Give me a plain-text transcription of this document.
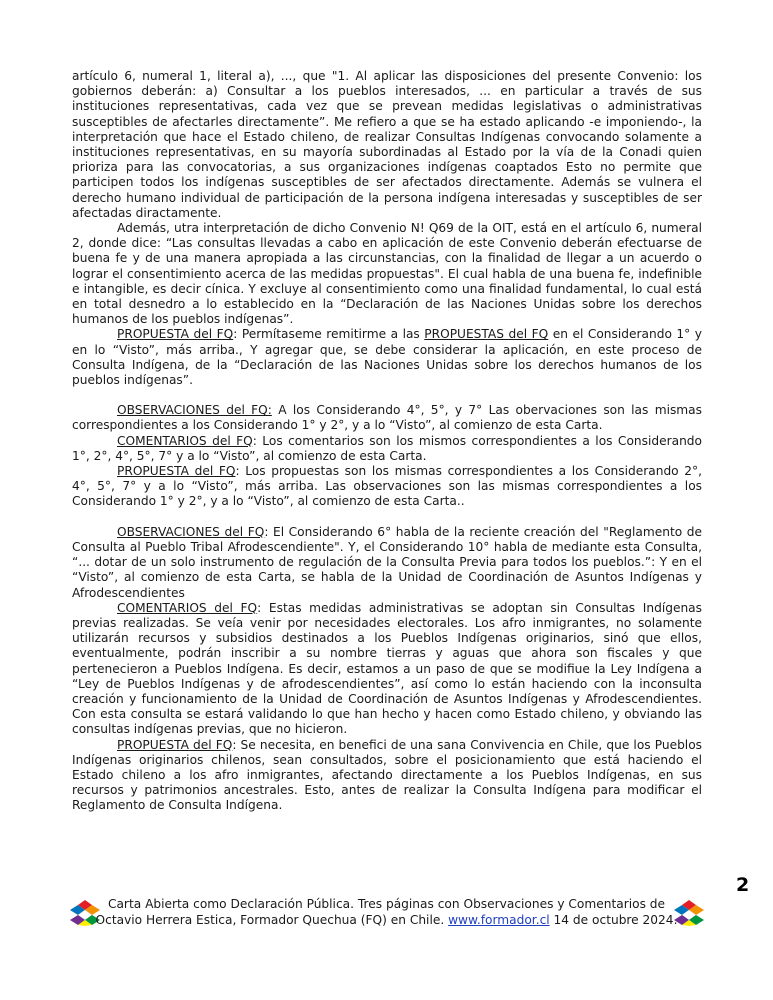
artículo 6, numeral 1, literal a), ..., que "1. Al aplicar las disposiciones del presente Convenio: los gobiernos deberán: a) Consultar a los pueblos interesados, ... en particular a través de sus instituciones representativas, cada vez que se prevean medidas legislativas o administrativas susceptibles de afectarles directamente”. Me refiero a que se ha estado aplicando -e imponiendo-, la interpretación que hace el Estado chileno, de realizar Consultas Indígenas convocando solamente a instituciones representativas, en su mayoría subordinadas al Estado por la vía de la Conadi quien prioriza para las convocatorias, a sus organizaciones indígenas coaptados Esto no permite que participen todos los indígenas susceptibles de ser afectados directamente. Además se vulnera el derecho humano individual de participación de la persona indígena interesadas y susceptibles de ser afectadas diractamente.

Además, utra interpretación de dicho Convenio N! Q69 de la OIT, está en el artículo 6, numeral 2, donde dice: “Las consultas llevadas a cabo en aplicación de este Convenio deberán efectuarse de buena fe y de una manera apropiada a las circunstancias, con la finalidad de llegar a un acuerdo o lograr el consentimiento acerca de las medidas propuestas". El cual habla de una buena fe, indefinible e intangible, es decir cínica. Y excluye al consentimiento como una finalidad fundamental, lo cual está en total desnedro a lo establecido en la “Declaración de las Naciones Unidas sobre los derechos humanos de los pueblos indígenas”.

PROPUESTA del FQ: Permítaseme remitirme a las PROPUESTAS del FQ en el Considerando 1° y en lo “Visto”, más arriba., Y agregar que, se debe considerar la aplicación, en este proceso de Consulta Indígena, de la “Declaración de las Naciones Unidas sobre los derechos humanos de los pueblos indígenas”.

OBSERVACIONES del FQ: A los Considerando 4°, 5°, y 7° Las obervaciones son las mismas correspondientes a los Considerando 1° y 2°, y a lo “Visto”, al comienzo de esta Carta.

COMENTARIOS del FQ: Los comentarios son los mismos correspondientes a los Considerando 1°, 2°, 4°, 5°, 7° y a lo “Visto”, al comienzo de esta Carta.

PROPUESTA del FQ: Los propuestas son los mismas correspondientes a los Considerando 2°, 4°, 5°, 7° y a lo “Visto”, más arriba. Las observaciones son las mismas correspondientes a los Considerando 1° y 2°, y a lo “Visto”, al comienzo de esta Carta..

OBSERVACIONES del FQ: El Considerando 6° habla de la reciente creación del "Reglamento de Consulta al Pueblo Tribal Afrodescendiente". Y, el Considerando 10° habla de mediante esta Consulta, “... dotar de un solo instrumento de regulación de la Consulta Previa para todos los pueblos.”: Y en el “Visto”, al comienzo de esta Carta, se habla de la Unidad de Coordinación de Asuntos Indígenas y Afrodescendientes

COMENTARIOS del FQ: Estas medidas administrativas se adoptan sin Consultas Indígenas previas realizadas. Se veía venir por necesidades electorales. Los afro inmigrantes, no solamente utilizarán recursos y subsidios destinados a los Pueblos Indígenas originarios, sinó que ellos, eventualmente, podrán inscribir a su nombre tierras y aguas que ahora son fiscales y que pertenecieron a Pueblos Indígena. Es decir, estamos a un paso de que se modifiue la Ley Indígena a “Ley de Pueblos Indígenas y de afrodescendientes”, así como lo están haciendo con la inconsulta creación y funcionamiento de la Unidad de Coordinación de Asuntos Indígenas y Afrodescendientes. Con esta consulta se estará validando lo que han hecho y hacen como Estado chileno, y obviando las consultas indígenas previas, que no hicieron.

PROPUESTA del FQ: Se necesita, en benefici de una sana Convivencia en Chile, que los Pueblos Indígenas originarios chilenos, sean consultados, sobre el posicionamiento que está haciendo el Estado chileno a los afro inmigrantes, afectando directamente a los Pueblos Indígenas, en sus recursos y patrimonios ancestrales. Esto, antes de realizar la Consulta Indígena para modificar el Reglamento de Consulta Indígena.

2
Carta Abierta como Declaración Pública. Tres páginas con Observaciones y Comentarios de
Octavio Herrera Estica, Formador Quechua (FQ) en Chile. www.formador.cl 14 de octubre 2024.
